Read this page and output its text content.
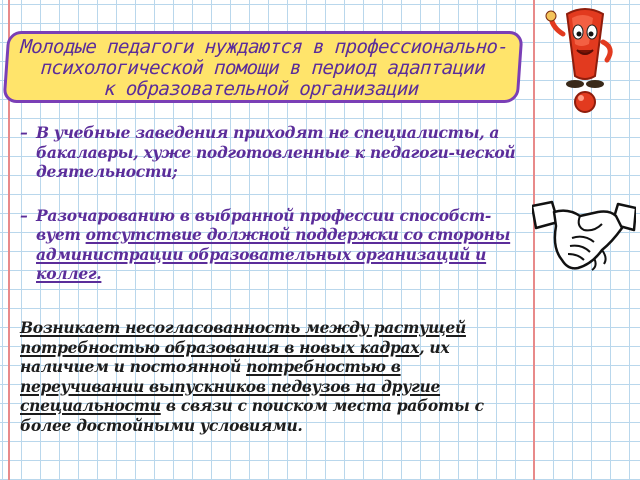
Молодые педагоги нуждаются в профессионально-
психологической помощи в период адаптации
к образовательной организации
– В учебные заведения приходят не специалисты, а бакалавры, хуже подготовленные к педагоги-ческой деятельности;
– Разочарованию в выбранной профессии способст-вует отсутствие должной поддержки со стороны администрации образовательных организаций и коллег.
Возникает несогласованность между растущей потребностью образования в новых кадрах, их наличием и постоянной потребностью в переучивании выпускников педвузов на другие специальности в связи с поиском места работы с более достойными условиями.
